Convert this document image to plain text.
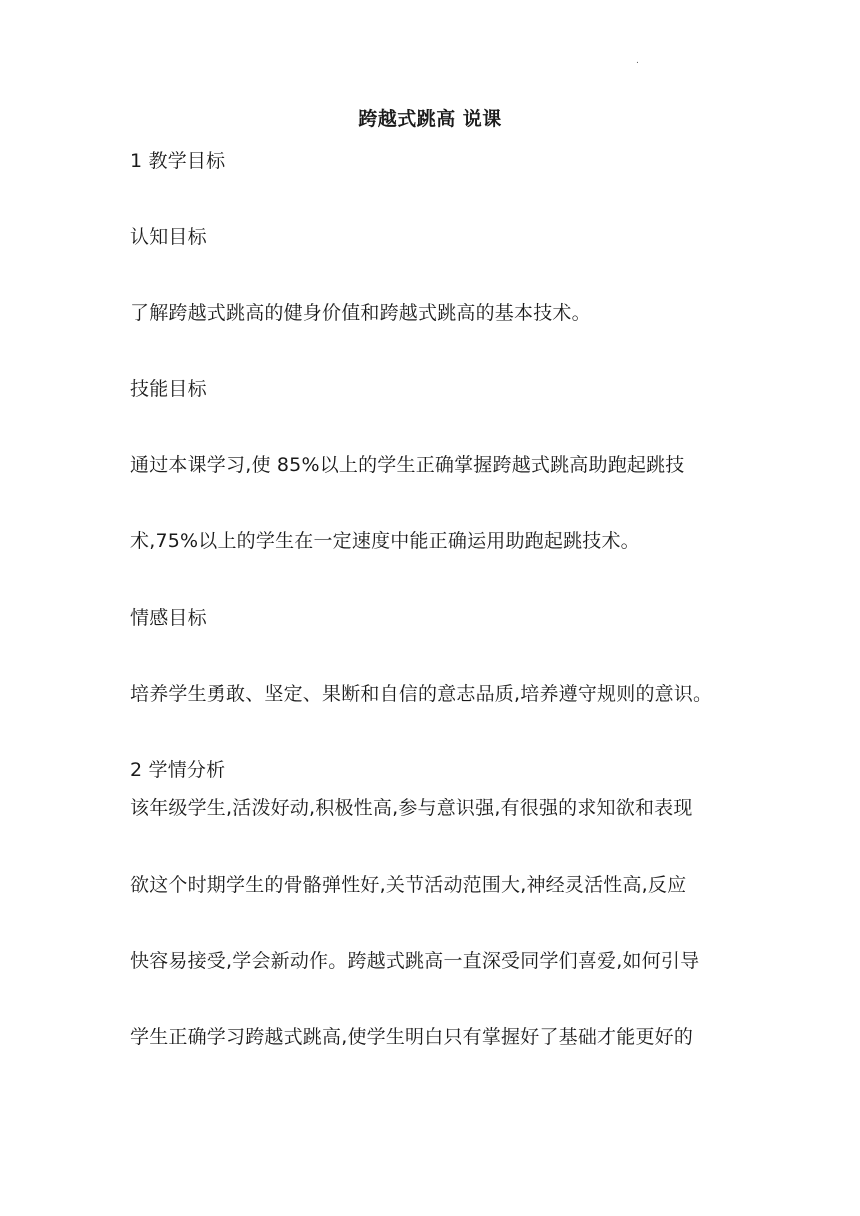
.
跨越式跳高 说课
1 教学目标
认知目标
了解跨越式跳高的健身价值和跨越式跳高的基本技术。
技能目标
通过本课学习,使 85%以上的学生正确掌握跨越式跳高助跑起跳技
术,75%以上的学生在一定速度中能正确运用助跑起跳技术。
情感目标
培养学生勇敢、坚定、果断和自信的意志品质,培养遵守规则的意识。
2 学情分析
该年级学生,活泼好动,积极性高,参与意识强,有很强的求知欲和表现
欲这个时期学生的骨骼弹性好,关节活动范围大,神经灵活性高,反应
快容易接受,学会新动作。跨越式跳高一直深受同学们喜爱,如何引导
学生正确学习跨越式跳高,使学生明白只有掌握好了基础才能更好的
